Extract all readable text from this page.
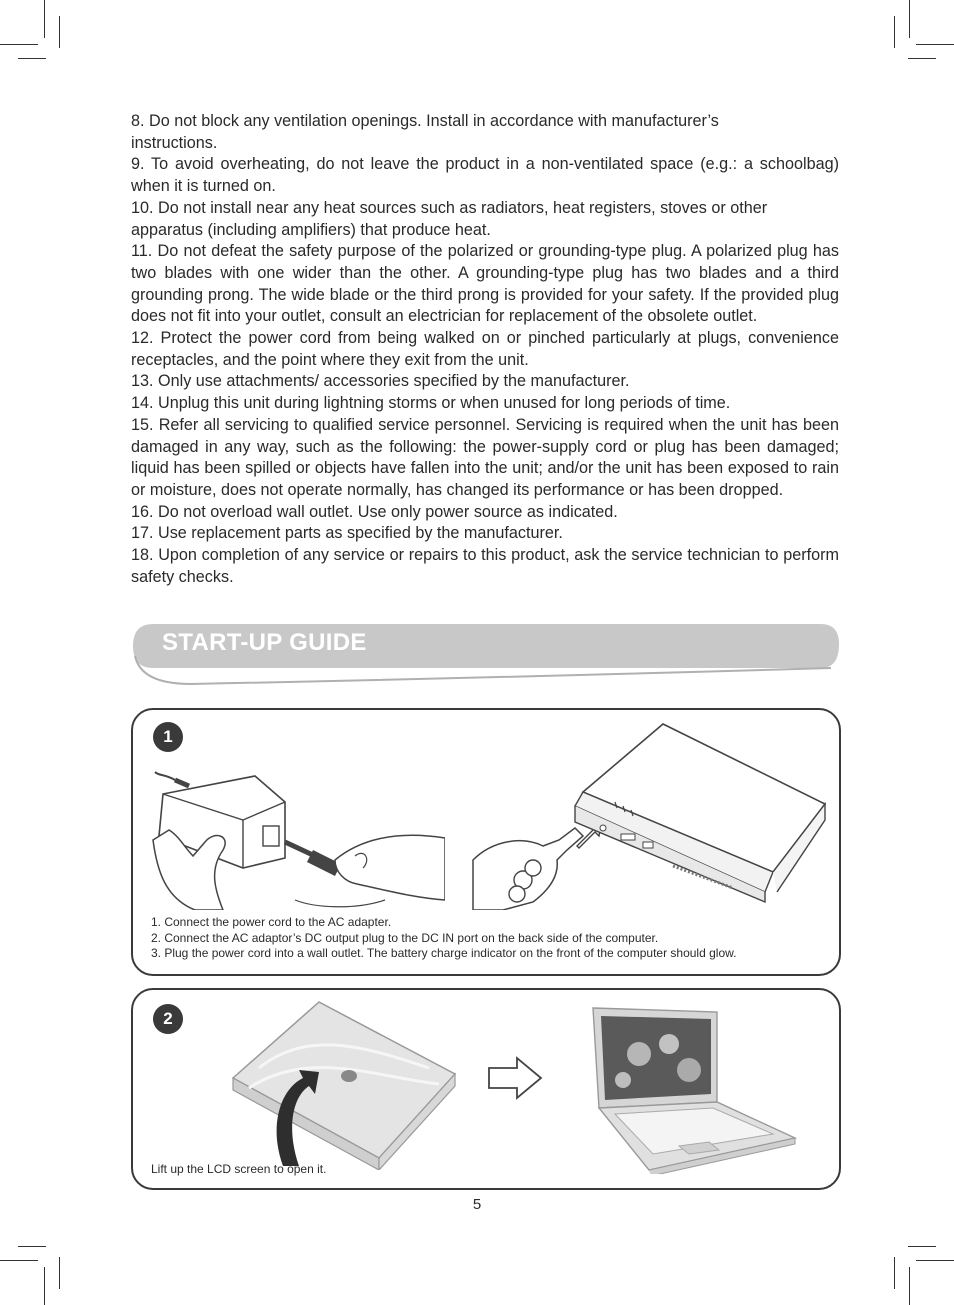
8. Do not block any ventilation openings. Install in accordance with manufacturer’s

instructions.

9. To avoid overheating, do not leave the product in a non-ventilated space (e.g.: a schoolbag) when it is turned on.

10. Do not install near any heat sources such as radiators, heat registers, stoves or other

apparatus (including amplifiers) that produce heat.

11. Do not defeat the safety purpose of the polarized or grounding-type plug. A polarized plug has two blades with one wider than the other. A grounding-type plug has two blades and a third grounding prong. The wide blade or the third prong is provided for your safety. If the provided plug does not fit into your outlet, consult an electrician for replacement of the obsolete outlet.

12. Protect the power cord from being walked on or pinched particularly at plugs, convenience receptacles, and the point where they exit from the unit.

13. Only use attachments/ accessories specified by the manufacturer.

14. Unplug this unit during lightning storms or when unused for long periods of time.

15. Refer all servicing to qualified service personnel. Servicing is required when the unit has been damaged in any way, such as the following: the power-supply cord or plug has been damaged; liquid has been spilled or objects have fallen into the unit; and/or the unit has been exposed to rain or moisture, does not operate normally, has changed its performance or has been dropped.

16. Do not overload wall outlet. Use only power source as indicated.

17. Use replacement parts as specified by the manufacturer.

18. Upon completion of any service or repairs to this product, ask the service technician to perform safety checks.

START-UP GUIDE
1
1. Connect the power cord to the AC adapter.
2. Connect the AC adaptor’s DC output plug to the DC IN port on the back side of the computer.
3. Plug the power cord into a wall outlet. The battery charge indicator on the front of the computer should glow.
2
Lift up the LCD screen to open it.
5
